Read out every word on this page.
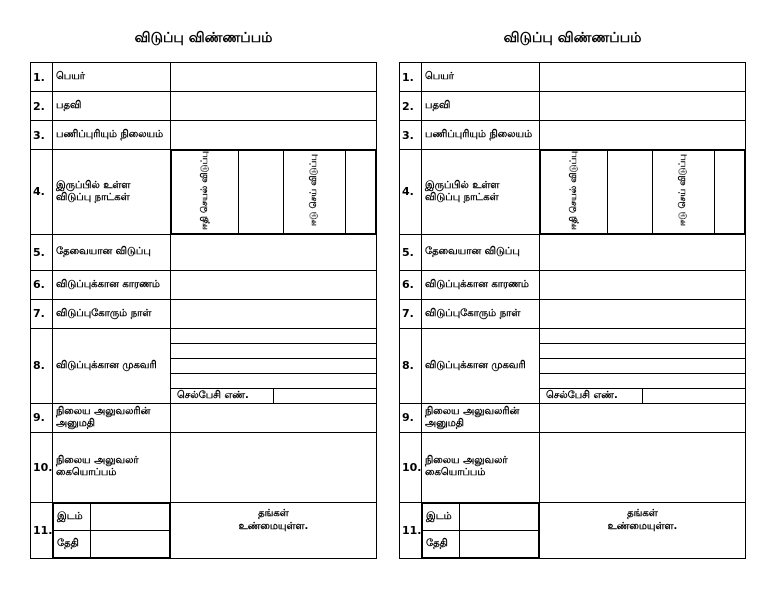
விடுப்பு விண்ணப்பம்
1.	பெயர்	
2.	பதவி	
3.	பணிப்புரியும் நிலையம்	
4.	இருப்பில் உள்ள விடுப்பு நாட்கள்		ஈதி செயல் விடுப்பு		ஈடு செய் விடுப்பு	

5.	தேவையான விடுப்பு	
6.	விடுப்புக்கான காரணம்	
7.	விடுப்புகோரும் நாள்	
8.	விடுப்புக்கான முகவரி	
செல்பேசி எண்.

9.	நிலைய அலுவலரின் அனுமதி	
10.	நிலைய அலுவலர் கையொப்பம்	
11.	
இடம்	
தேதி	

தங்கள் உண்மையுள்ள.
விடுப்பு விண்ணப்பம்
1.	பெயர்	
2.	பதவி	
3.	பணிப்புரியும் நிலையம்	
4.	இருப்பில் உள்ள விடுப்பு நாட்கள்		ஈதி செயல் விடுப்பு		ஈடு செய் விடுப்பு	

5.	தேவையான விடுப்பு	
6.	விடுப்புக்கான காரணம்	
7.	விடுப்புகோரும் நாள்	
8.	விடுப்புக்கான முகவரி	
செல்பேசி எண்.

9.	நிலைய அலுவலரின் அனுமதி	
10.	நிலைய அலுவலர் கையொப்பம்	
11.	
இடம்	
தேதி	

தங்கள் உண்மையுள்ள.
